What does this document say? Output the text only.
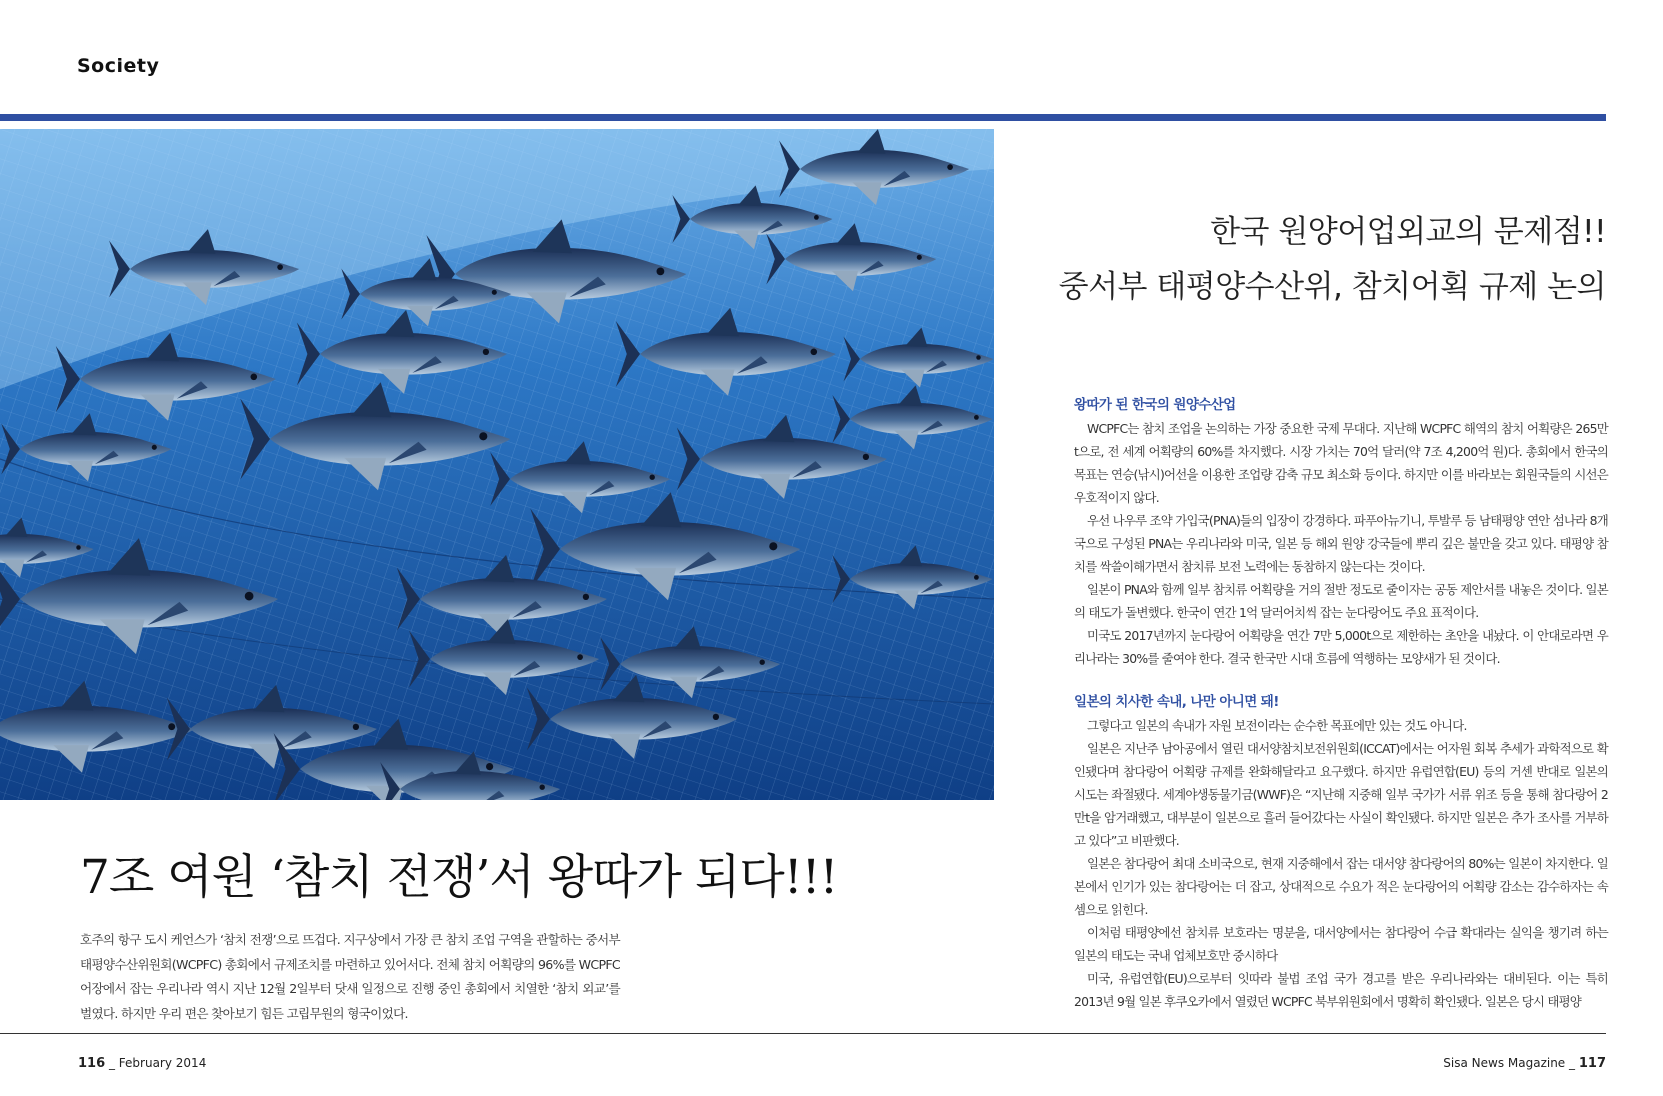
Society
7조 여원 ‘참치 전쟁’서 왕따가 되다!!!
호주의 항구 도시 케언스가 ‘참치 전쟁’으로 뜨겁다. 지구상에서 가장 큰 참치 조업 구역을 관할하는 중서부태평양수산위원회(WCPFC) 총회에서 규제조치를 마련하고 있어서다. 전체 참치 어획량의 96%를 WCPFC 어장에서 잡는 우리나라 역시 지난 12월 2일부터 닷새 일정으로 진행 중인 총회에서 치열한 ‘참치 외교’를 벌였다. 하지만 우리 편은 찾아보기 힘든 고립무원의 형국이었다.
한국 원양어업외교의 문제점!!
중서부 태평양수산위, 참치어획 규제 논의
왕따가 된 한국의 원양수산업

WCPFC는 참치 조업을 논의하는 가장 중요한 국제 무대다. 지난해 WCPFC 해역의 참치 어획량은 265만t으로, 전 세계 어획량의 60%를 차지했다. 시장 가치는 70억 달러(약 7조 4,200억 원)다. 총회에서 한국의 목표는 연승(낚시)어선을 이용한 조업량 감축 규모 최소화 등이다. 하지만 이를 바라보는 회원국들의 시선은 우호적이지 않다.

우선 나우루 조약 가입국(PNA)들의 입장이 강경하다. 파푸아뉴기니, 투발루 등 남태평양 연안 섬나라 8개국으로 구성된 PNA는 우리나라와 미국, 일본 등 해외 원양 강국들에 뿌리 깊은 불만을 갖고 있다. 태평양 참치를 싹쓸이해가면서 참치류 보전 노력에는 동참하지 않는다는 것이다.

일본이 PNA와 함께 일부 참치류 어획량을 거의 절반 정도로 줄이자는 공동 제안서를 내놓은 것이다. 일본의 태도가 돌변했다. 한국이 연간 1억 달러어치씩 잡는 눈다랑어도 주요 표적이다.

미국도 2017년까지 눈다랑어 어획량을 연간 7만 5,000t으로 제한하는 초안을 내놨다. 이 안대로라면 우리나라는 30%를 줄여야 한다. 결국 한국만 시대 흐름에 역행하는 모양새가 된 것이다.

일본의 치사한 속내, 나만 아니면 돼!

그렇다고 일본의 속내가 자원 보전이라는 순수한 목표에만 있는 것도 아니다.

일본은 지난주 남아공에서 열린 대서양참치보전위원회(ICCAT)에서는 어자원 회복 추세가 과학적으로 확인됐다며 참다랑어 어획량 규제를 완화해달라고 요구했다. 하지만 유럽연합(EU) 등의 거센 반대로 일본의 시도는 좌절됐다. 세계야생동물기금(WWF)은 “지난해 지중해 일부 국가가 서류 위조 등을 통해 참다랑어 2만t을 암거래했고, 대부분이 일본으로 흘러 들어갔다는 사실이 확인됐다. 하지만 일본은 추가 조사를 거부하고 있다”고 비판했다.

일본은 참다랑어 최대 소비국으로, 현재 지중해에서 잡는 대서양 참다랑어의 80%는 일본이 차지한다. 일본에서 인기가 있는 참다랑어는 더 잡고, 상대적으로 수요가 적은 눈다랑어의 어획량 감소는 감수하자는 속셈으로 읽힌다.

이처럼 태평양에선 참치류 보호라는 명분을, 대서양에서는 참다랑어 수급 확대라는 실익을 챙기려 하는 일본의 태도는 국내 업체보호만 중시하다

미국, 유럽연합(EU)으로부터 잇따라 불법 조업 국가 경고를 받은 우리나라와는 대비된다. 이는 특히 2013년 9월 일본 후쿠오카에서 열렸던 WCPFC 북부위원회에서 명확히 확인됐다. 일본은 당시 태평양

116 _ February 2014	Sisa News Magazine _ 117
